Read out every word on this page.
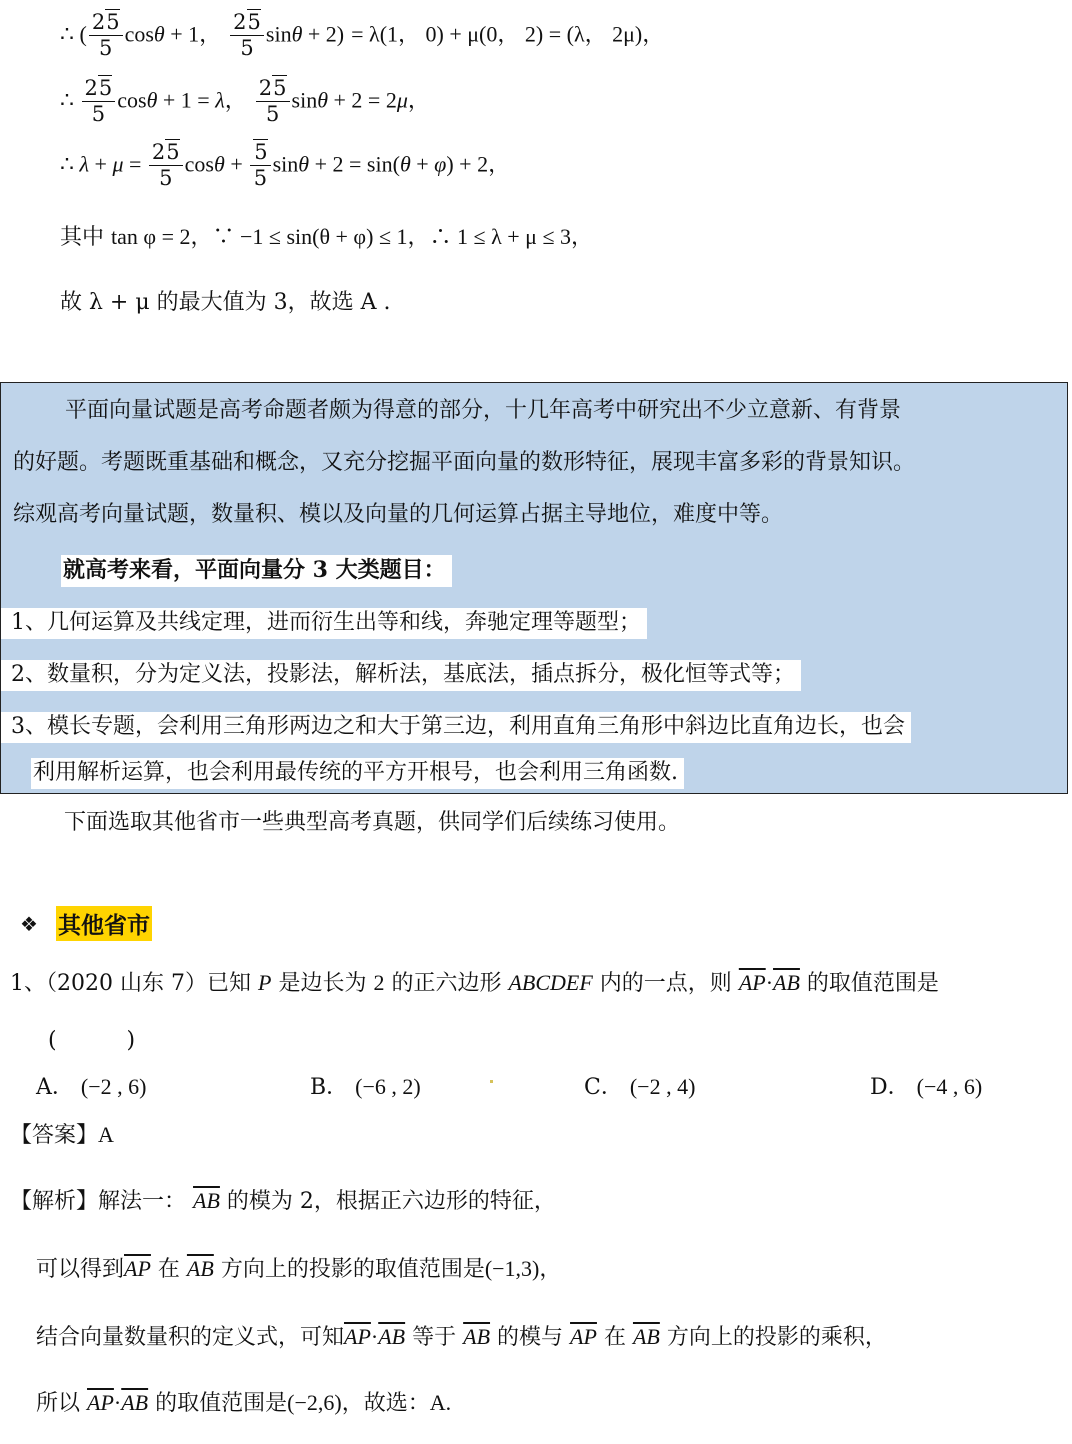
∴ ( $\frac{25}{5}$ cosθ + 1， $\frac{25}{5}$ sinθ + 2) = λ(1， 0) + μ(0， 2) = (λ， 2μ)，
∴ $\frac{25}{5}$ cosθ + 1 = λ， $\frac{25}{5}$ sinθ + 2 = 2μ，
∴ $\lambda + \mu = \frac{25}{5}$ $\cos\theta + \frac{5}{5}$ sinθ + 2 = sin(θ + φ) + 2，
其中 tan φ = 2，∵ −1 ≤ sin(θ + φ) ≤ 1，∴ 1 ≤ λ + μ ≤ 3，
故 λ + μ 的最大值为 3，故选 A .
平面向量试题是高考命题者颇为得意的部分，十几年高考中研究出不少立意新、有背景
的好题。考题既重基础和概念，又充分挖掘平面向量的数形特征，展现丰富多彩的背景知识。
综观高考向量试题，数量积、模以及向量的几何运算占据主导地位，难度中等。
就高考来看，平面向量分 3 大类题目：
1、几何运算及共线定理，进而衍生出等和线，奔驰定理等题型；
2、数量积，分为定义法，投影法，解析法，基底法，插点拆分，极化恒等式等；
3、模长专题，会利用三角形两边之和大于第三边，利用直角三角形中斜边比直角边长，也会
利用解析运算，也会利用最传统的平方开根号，也会利用三角函数.
下面选取其他省市一些典型高考真题，供同学们后续练习使用。
❖ 其他省市
1、（2020 山东 7）已知 P 是边长为 2 的正六边形 ABCDEF 内的一点，则 $\overline{AP}\cdot\overline{AB}$ 的取值范围是
(          )
A． (−2 , 6)	B． (−6 , 2)	C． (−2 , 4)	D． (−4 , 6)
【答案】A
【解析】解法一： $\overline{AB}$ 的模为 2，根据正六边形的特征，
可以得到$\overline{AP}$ 在 $\overline{AB}$ 方向上的投影的取值范围是(−1,3)，
结合向量数量积的定义式，可知$\overline{AP}\cdot\overline{AB}$ 等于 $\overline{AB}$ 的模与 $\overline{AP}$ 在 $\overline{AB}$ 方向上的投影的乘积，
所以 $\overline{AP}\cdot\overline{AB}$ 的取值范围是(−2,6)，故选：A.
